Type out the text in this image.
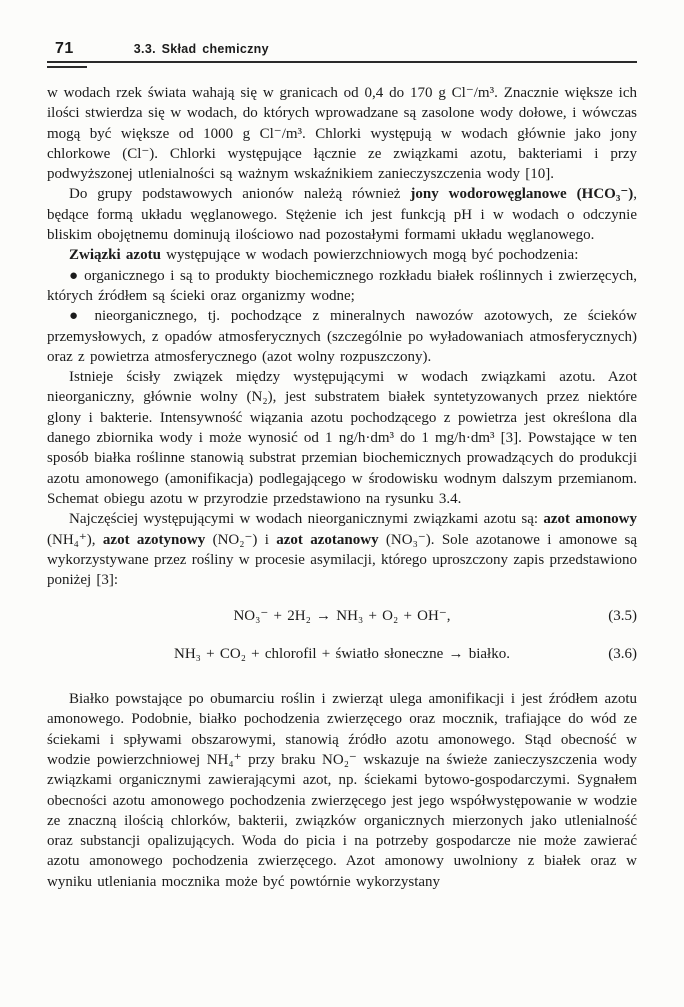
71	3.3. Skład chemiczny

w wodach rzek świata wahają się w granicach od 0,4 do 170 g Cl⁻/m³. Znacznie większe ich ilości stwierdza się w wodach, do których wprowadzane są zasolone wody dołowe, i wówczas mogą być większe od 1000 g Cl⁻/m³. Chlorki występują w wodach głównie jako jony chlorkowe (Cl⁻). Chlorki występujące łącznie ze związkami azotu, bakteriami i przy podwyższonej utlenialności są ważnym wskaźnikiem zanieczyszczenia wody [10].

Do grupy podstawowych anionów należą również jony wodorowęglanowe (HCO₃⁻), będące formą układu węglanowego. Stężenie ich jest funkcją pH i w wodach o odczynie bliskim obojętnemu dominują ilościowo nad pozostałymi formami układu węglanowego.

Związki azotu występujące w wodach powierzchniowych mogą być pochodzenia:

● organicznego i są to produkty biochemicznego rozkładu białek roślinnych i zwierzęcych, których źródłem są ścieki oraz organizmy wodne;

● nieorganicznego, tj. pochodzące z mineralnych nawozów azotowych, ze ścieków przemysłowych, z opadów atmosferycznych (szczególnie po wyładowaniach atmosferycznych) oraz z powietrza atmosferycznego (azot wolny rozpuszczony).

Istnieje ścisły związek między występującymi w wodach związkami azotu. Azot nieorganiczny, głównie wolny (N₂), jest substratem białek syntetyzowanych przez niektóre glony i bakterie. Intensywność wiązania azotu pochodzącego z powietrza jest określona dla danego zbiornika wody i może wynosić od 1 ng/h·dm³ do 1 mg/h·dm³ [3]. Powstające w ten sposób białka roślinne stanowią substrat przemian biochemicznych prowadzących do produkcji azotu amonowego (amonifikacja) podlegającego w środowisku wodnym dalszym przemianom. Schemat obiegu azotu w przyrodzie przedstawiono na rysunku 3.4.

Najczęściej występującymi w wodach nieorganicznymi związkami azotu są: azot amonowy (NH₄⁺), azot azotynowy (NO₂⁻) i azot azotanowy (NO₃⁻). Sole azotanowe i amonowe są wykorzystywane przez rośliny w procesie asymilacji, którego uproszczony zapis przedstawiono poniżej [3]:

NO₃⁻ + 2H₂ → NH₃ + O₂ + OH⁻,	(3.5)
NH₃ + CO₂ + chlorofil + światło słoneczne → białko.	(3.6)

Białko powstające po obumarciu roślin i zwierząt ulega amonifikacji i jest źródłem azotu amonowego. Podobnie, białko pochodzenia zwierzęcego oraz mocznik, trafiające do wód ze ściekami i spływami obszarowymi, stanowią źródło azotu amonowego. Stąd obecność w wodzie powierzchniowej NH₄⁺ przy braku NO₂⁻ wskazuje na świeże zanieczyszczenia wody związkami organicznymi zawierającymi azot, np. ściekami bytowo-gospodarczymi. Sygnałem obecności azotu amonowego pochodzenia zwierzęcego jest jego współwystępowanie w wodzie ze znaczną ilością chlorków, bakterii, związków organicznych mierzonych jako utlenialność oraz substancji opalizujących. Woda do picia i na potrzeby gospodarcze nie może zawierać azotu amonowego pochodzenia zwierzęcego. Azot amonowy uwolniony z białek oraz w wyniku utleniania mocznika może być powtórnie wykorzystany
